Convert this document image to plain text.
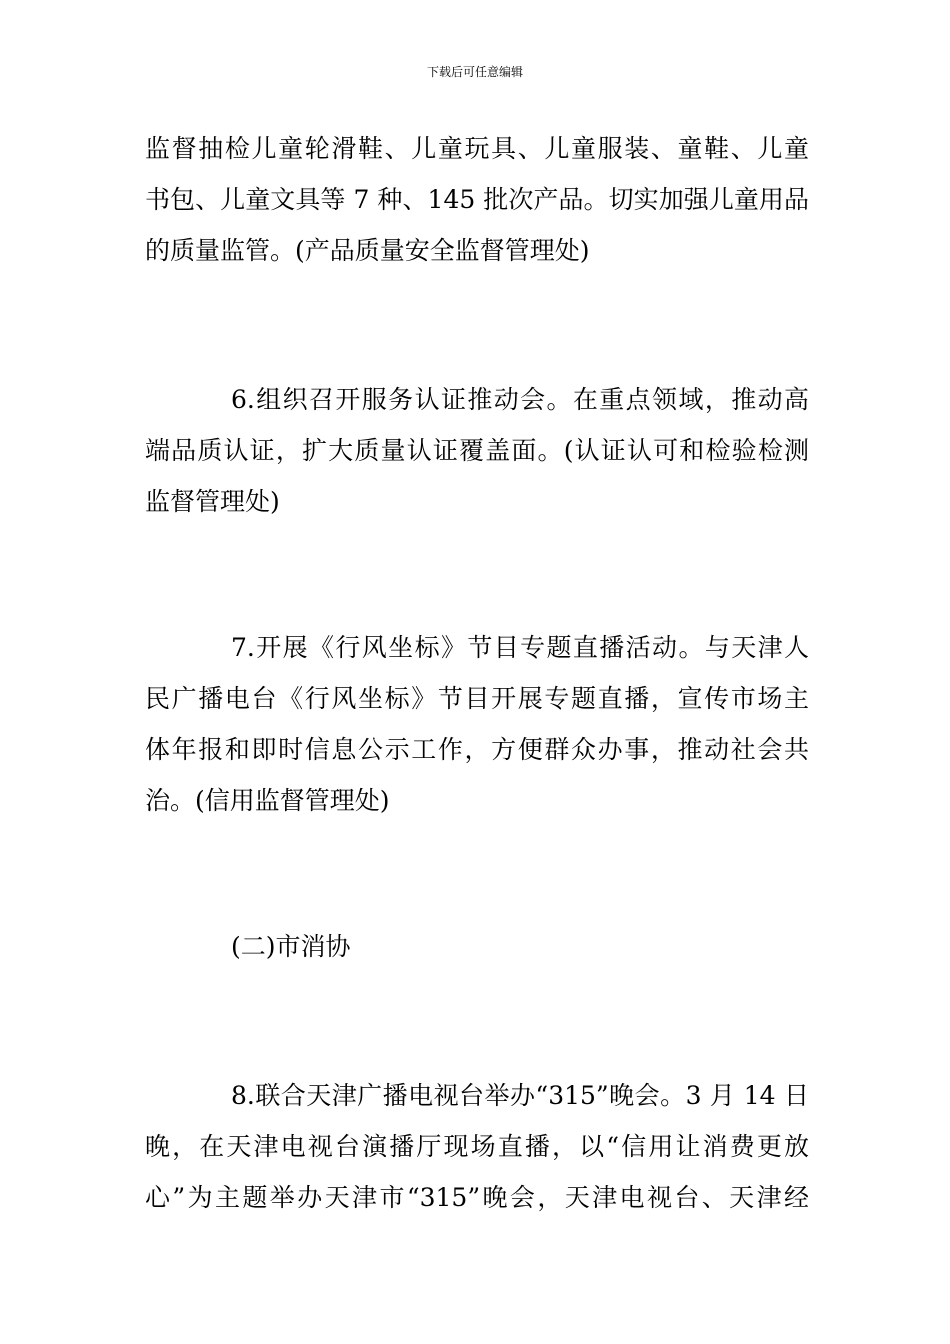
下载后可任意编辑
监督抽检儿童轮滑鞋、儿童玩具、儿童服装、童鞋、儿童
书包、儿童文具等 7 种、145 批次产品。切实加强儿童用品
的质量监管。(产品质量安全监督管理处)
6.组织召开服务认证推动会。在重点领域，推动高
端品质认证，扩大质量认证覆盖面。(认证认可和检验检测
监督管理处)
7.开展《行风坐标》节目专题直播活动。与天津人
民广播电台《行风坐标》节目开展专题直播，宣传市场主
体年报和即时信息公示工作，方便群众办事，推动社会共
治。(信用监督管理处)
(二)市消协
8.联合天津广播电视台举办“315”晚会。3 月 14 日
晚，在天津电视台演播厅现场直播，以“信用让消费更放
心”为主题举办天津市“315”晚会，天津电视台、天津经
